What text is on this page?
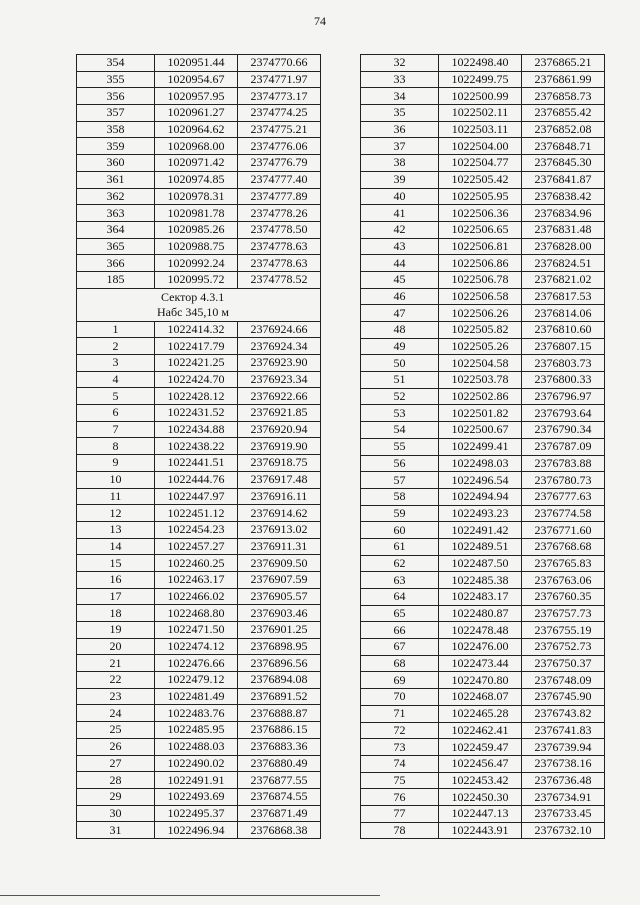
74
354	1020951.44	2374770.66
355	1020954.67	2374771.97
356	1020957.95	2374773.17
357	1020961.27	2374774.25
358	1020964.62	2374775.21
359	1020968.00	2374776.06
360	1020971.42	2374776.79
361	1020974.85	2374777.40
362	1020978.31	2374777.89
363	1020981.78	2374778.26
364	1020985.26	2374778.50
365	1020988.75	2374778.63
366	1020992.24	2374778.63
185	1020995.72	2374778.52

Сектор 4.3.1
Набс 345,10 м		

1	1022414.32	2376924.66
2	1022417.79	2376924.34
3	1022421.25	2376923.90
4	1022424.70	2376923.34
5	1022428.12	2376922.66
6	1022431.52	2376921.85
7	1022434.88	2376920.94
8	1022438.22	2376919.90
9	1022441.51	2376918.75
10	1022444.76	2376917.48
11	1022447.97	2376916.11
12	1022451.12	2376914.62
13	1022454.23	2376913.02
14	1022457.27	2376911.31
15	1022460.25	2376909.50
16	1022463.17	2376907.59
17	1022466.02	2376905.57
18	1022468.80	2376903.46
19	1022471.50	2376901.25
20	1022474.12	2376898.95
21	1022476.66	2376896.56
22	1022479.12	2376894.08
23	1022481.49	2376891.52
24	1022483.76	2376888.87
25	1022485.95	2376886.15
26	1022488.03	2376883.36
27	1022490.02	2376880.49
28	1022491.91	2376877.55
29	1022493.69	2376874.55
30	1022495.37	2376871.49
31	1022496.94	2376868.38
32	1022498.40	2376865.21
33	1022499.75	2376861.99
34	1022500.99	2376858.73
35	1022502.11	2376855.42
36	1022503.11	2376852.08
37	1022504.00	2376848.71
38	1022504.77	2376845.30
39	1022505.42	2376841.87
40	1022505.95	2376838.42
41	1022506.36	2376834.96
42	1022506.65	2376831.48
43	1022506.81	2376828.00
44	1022506.86	2376824.51
45	1022506.78	2376821.02
46	1022506.58	2376817.53
47	1022506.26	2376814.06
48	1022505.82	2376810.60
49	1022505.26	2376807.15
50	1022504.58	2376803.73
51	1022503.78	2376800.33
52	1022502.86	2376796.97
53	1022501.82	2376793.64
54	1022500.67	2376790.34
55	1022499.41	2376787.09
56	1022498.03	2376783.88
57	1022496.54	2376780.73
58	1022494.94	2376777.63
59	1022493.23	2376774.58
60	1022491.42	2376771.60
61	1022489.51	2376768.68
62	1022487.50	2376765.83
63	1022485.38	2376763.06
64	1022483.17	2376760.35
65	1022480.87	2376757.73
66	1022478.48	2376755.19
67	1022476.00	2376752.73
68	1022473.44	2376750.37
69	1022470.80	2376748.09
70	1022468.07	2376745.90
71	1022465.28	2376743.82
72	1022462.41	2376741.83
73	1022459.47	2376739.94
74	1022456.47	2376738.16
75	1022453.42	2376736.48
76	1022450.30	2376734.91
77	1022447.13	2376733.45
78	1022443.91	2376732.10
